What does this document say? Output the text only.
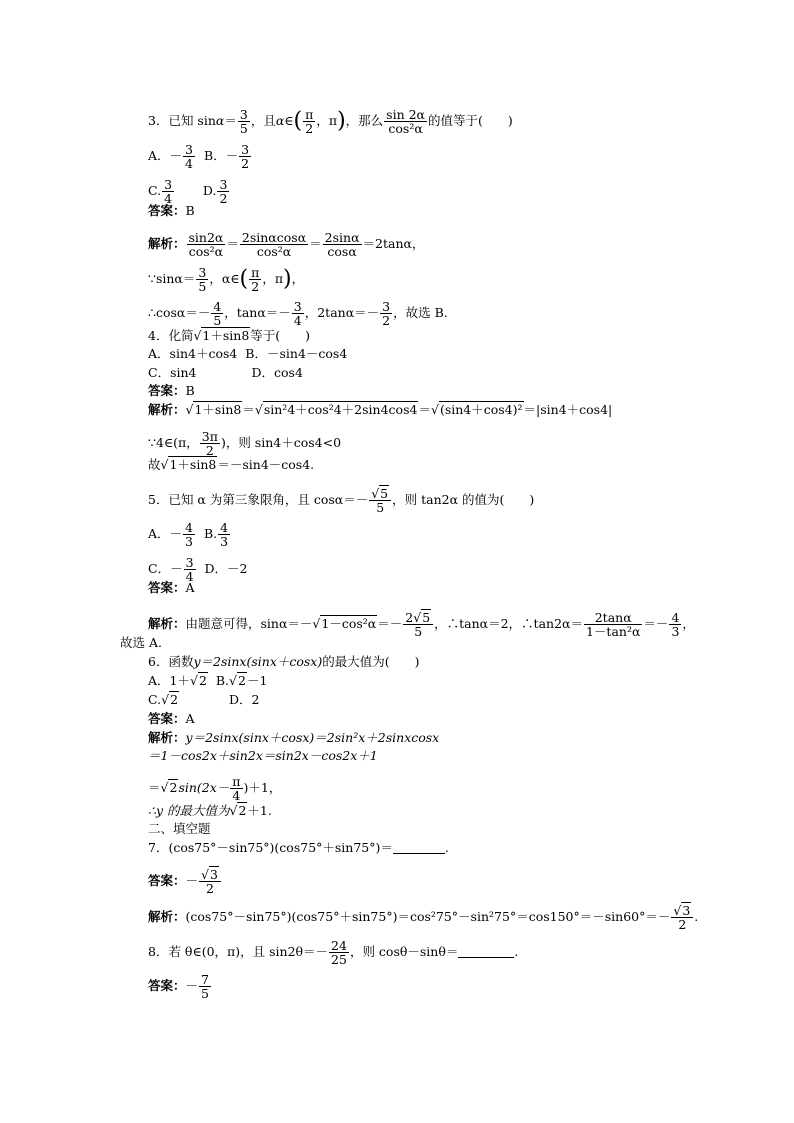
3．已知 $\sin\alpha= \frac{3}{5}$ ，且α∈( $\frac{\pi}{2}$ ，π)，那么 $\frac{\sin 2\alpha}{\text{cos²α}}$ 的值等于(　　)
A．－ $\frac{3}{4}$ B．－ $\frac{3}{2}$
C. $\frac{3}{4} D$. $\frac{3}{2}$
答案：B
解析： $\frac{\sin 2\alpha}{\text{cos²α}} = \frac{2\sin\alpha\cos\alpha}{\text{cos²α}} = \frac{2\sin\alpha}{\cos\alpha} =2\tan\alpha$，
∵sinα＝ $\frac{3}{5}$ ，α∈( $\frac{\pi}{2}$ ，π)，
∴cosα＝－ $\frac{4}{5}$ ，$\tan\alpha=- \frac{3}{4}$ ，$2\tan\alpha=- \frac{3}{2}$ ，故选 B.
4．化简√1＋sin8等于(　　)
A．sin4＋cos4 B．－sin4－cos4
C．sin4	D．cos4
答案：B
解析：√1＋sin8＝√sin²4＋cos²4＋2sin4cos4＝√(sin4＋cos4)²＝|sin4＋cos4|
∵4∈(π， $\frac{3\pi}{2}$ )，则 sin4＋cos4<0
故√1＋sin8＝－sin4－cos4.
5．已知 α 为第三象限角，且 $\cos\alpha=- \frac{√5}{5}$ ，则 tan2α 的值为(　　)
A．－ $\frac{4}{3} B$. $\frac{4}{3}$
C．－ $\frac{3}{4}$ D．－2
答案：A
解析：由题意可得，$\sin\alpha=-√1-\cos^2\alpha=- \frac{2√5}{5}$ ，∴tanα＝2，∴tan2α＝ $\frac{2\tan\alpha}{\text{1－tan²α}} =- \frac{4}{3}$ ，
故选 A.
6．函数y＝2sinx(sinx＋cosx)的最大值为(　　)
A．1＋√2 B.√2－1
C.√2	D．2
答案：A
解析：y＝2sinx(sinx＋cosx)＝2sin²x＋2sinxcosx
＝1－cos2x＋sin2x＝sin2x－cos2x＋1
$=√2\sin(2x- \frac{\pi}{4} )+1$，
∴y 的最大值为√2＋1.
二、填空题
7．(cos75°－sin75°)(cos75°＋sin75°)＝	.
答案：－ $\frac{√3}{2}$
解析：$(\cos 75^\circ-\sin 75^\circ)(\cos 75^\circ+\sin 75^\circ)=\cos^275^\circ-\sin^275^\circ=\cos 150^\circ=-\sin 60^\circ=- \frac{√3}{2}$ .
8．若 θ∈(0，π)，且 $\sin 2\theta=- \frac{24}{25}$ ，则 cosθ－sinθ＝	.
答案：－ $\frac{7}{5}$
